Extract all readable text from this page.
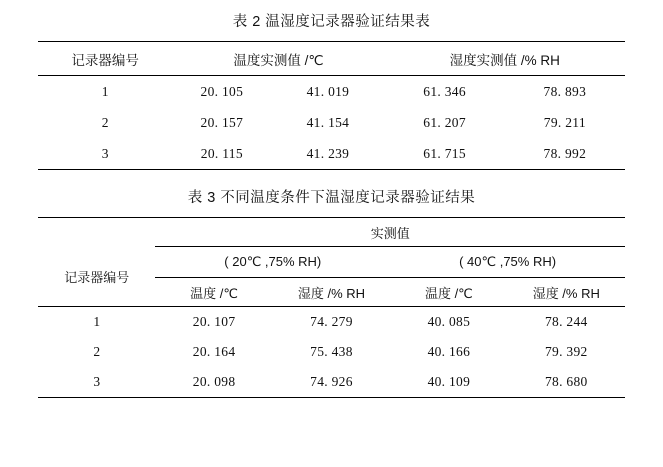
表 2 温湿度记录器验证结果表
记录器编号	温度实测值 /℃		湿度实测值 /% RH	
1	20. 105	41. 019	61. 346	78. 893
2	20. 157	41. 154	61. 207	79. 211
3	20. 115	41. 239	61. 715	78. 992
表 3 不同温度条件下温湿度记录器验证结果
	实测值			
记录器编号	( 20℃ ,75% RH)		( 40℃ ,75% RH)	
	温度 /℃	湿度 /% RH	温度 /℃	湿度 /% RH
1	20. 107	74. 279	40. 085	78. 244
2	20. 164	75. 438	40. 166	79. 392
3	20. 098	74. 926	40. 109	78. 680
